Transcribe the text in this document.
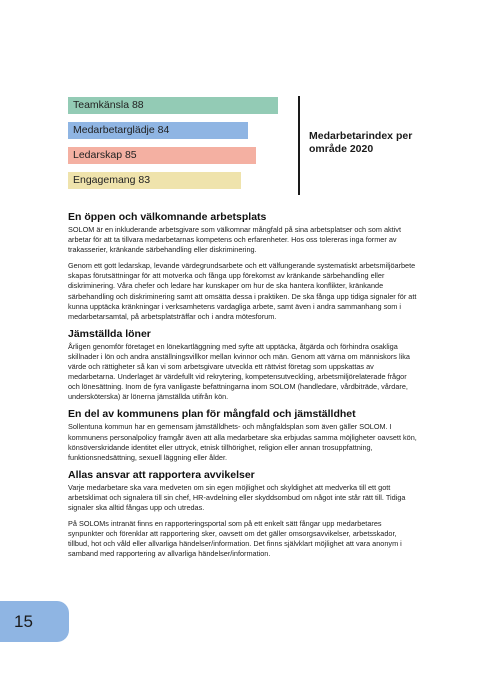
Teamkänsla 88
Medarbetarglädje 84
Ledarskap 85
Engagemang 83
Medarbetarindex per område 2020
En öppen och välkomnande arbetsplats

SOLOM är en inkluderande arbetsgivare som välkomnar mångfald på sina arbetsplatser och som aktivt arbetar för att ta tillvara medarbetarnas kompetens och erfarenheter. Hos oss tolereras inga former av trakasserier, kränkande särbehandling eller diskriminering.

Genom ett gott ledarskap, levande värdegrundsarbete och ett välfungerande systematiskt arbetsmiljöarbete skapas förutsättningar för att motverka och fånga upp förekomst av kränkande särbehandling eller diskriminering. Våra chefer och ledare har kunskaper om hur de ska hantera konflikter, kränkande särbehandling och diskriminering samt att omsätta dessa i praktiken. De ska fånga upp tidiga signaler för att kunna upptäcka kränkningar i verksamhetens vardagliga arbete, samt även i andra sammanhang som i medarbetarsamtal, på arbetsplatsträffar och i andra mötesforum.

Jämställda löner

Årligen genomför företaget en lönekartläggning med syfte att upptäcka, åtgärda och förhindra osakliga skillnader i lön och andra anställningsvillkor mellan kvinnor och män. Genom att värna om människors lika värde och rättigheter så kan vi som arbetsgivare utveckla ett rättvist företag som uppskattas av medarbetarna. Underlaget är värdefullt vid rekrytering, kompetensutveckling, arbetsmiljörelaterade frågor och lönesättning. Inom de fyra vanligaste befattningarna inom SOLOM (handledare, vårdbiträde, vårdare, undersköterska) är lönerna jämställda utifrån kön.

En del av kommunens plan för mångfald och jämställdhet

Sollentuna kommun har en gemensam jämställdhets- och mångfaldsplan som även gäller SOLOM. I kommunens personalpolicy framgår även att alla medarbetare ska erbjudas samma möjligheter oavsett kön, könsöverskridande identitet eller uttryck, etnisk tillhörighet, religion eller annan trosuppfattning, funktionsnedsättning, sexuell läggning eller ålder.

Allas ansvar att rapportera avvikelser

Varje medarbetare ska vara medveten om sin egen möjlighet och skyldighet att medverka till ett gott arbetsklimat och signalera till sin chef, HR-avdelning eller skyddsombud om något inte står rätt till. Tidiga signaler ska alltid fångas upp och utredas.

På SOLOMs intranät finns en rapporteringsportal som på ett enkelt sätt fångar upp medarbetares synpunkter och förenklar att rapportering sker, oavsett om det gäller omsorgsavvikelser, arbetsskador, tillbud, hot och våld eller allvarliga händelser/information. Det finns självklart möjlighet att vara anonym i samband med rapportering av allvarliga händelser/information.

15
